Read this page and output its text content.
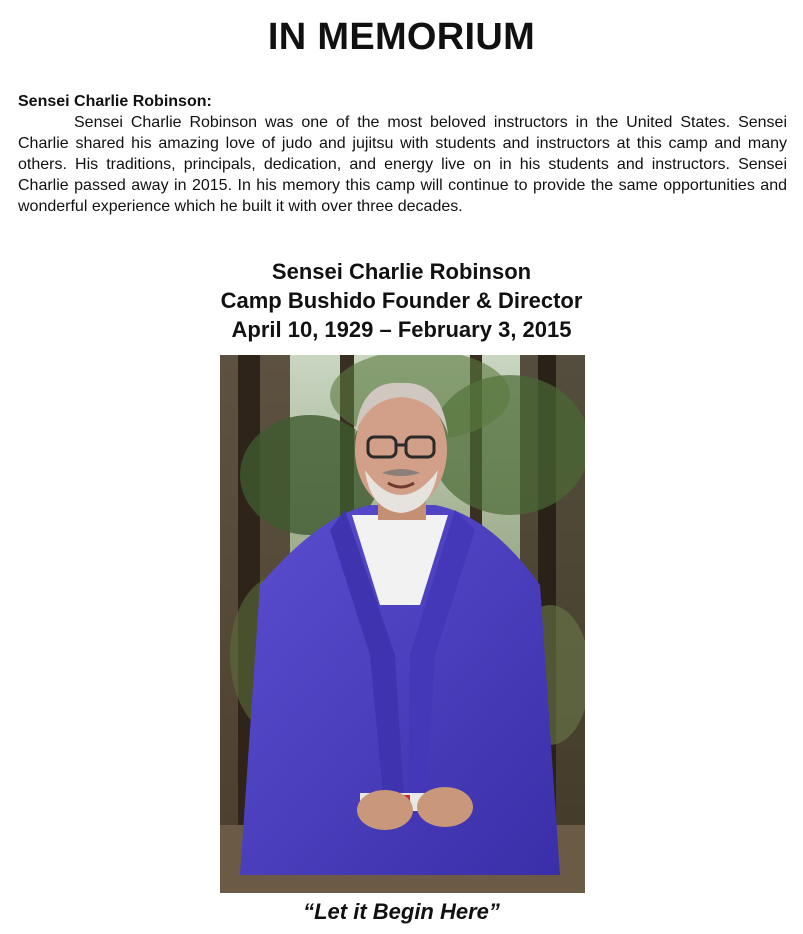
IN MEMORIUM
Sensei Charlie Robinson:

Sensei Charlie Robinson was one of the most beloved instructors in the United States. Sensei Charlie shared his amazing love of judo and jujitsu with students and instructors at this camp and many others. His traditions, principals, dedication, and energy live on in his students and instructors. Sensei Charlie passed away in 2015. In his memory this camp will continue to provide the same opportunities and wonderful experience which he built it with over three decades.

Sensei Charlie Robinson
Camp Bushido Founder & Director
April 10, 1929 – February 3, 2015
“Let it Begin Here”
